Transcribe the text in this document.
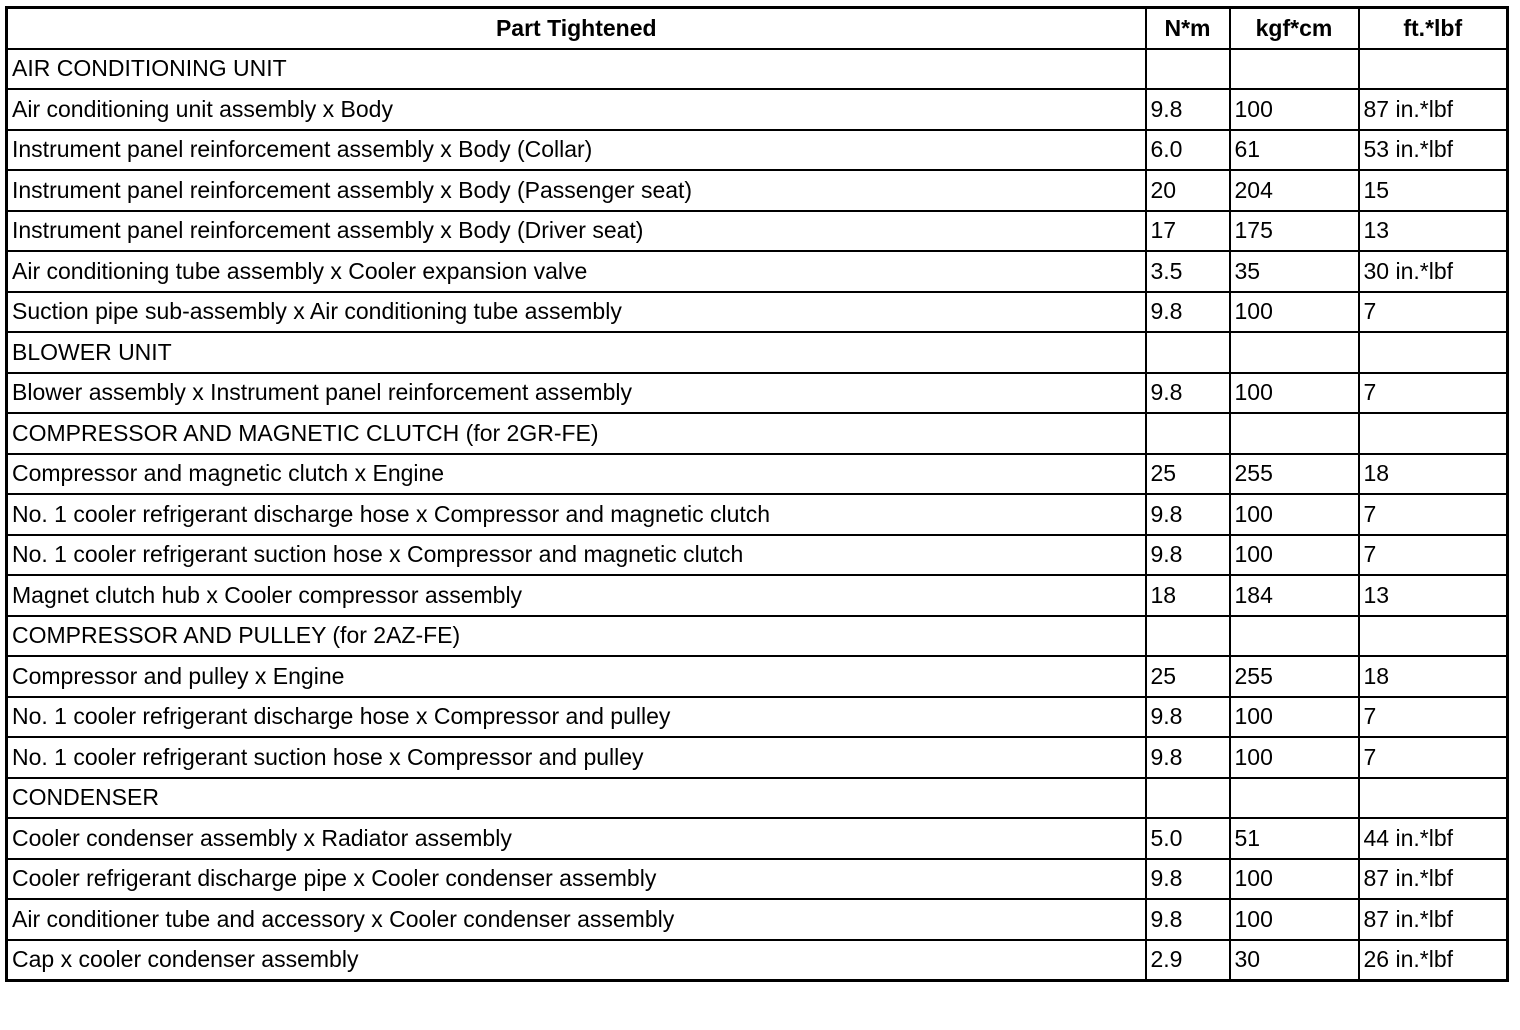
Part Tightened	N*m	kgf*cm	ft.*lbf
AIR CONDITIONING UNIT			
Air conditioning unit assembly x Body	9.8	100	87 in.*lbf
Instrument panel reinforcement assembly x Body (Collar)	6.0	61	53 in.*lbf
Instrument panel reinforcement assembly x Body (Passenger seat)	20	204	15
Instrument panel reinforcement assembly x Body (Driver seat)	17	175	13
Air conditioning tube assembly x Cooler expansion valve	3.5	35	30 in.*lbf
Suction pipe sub-assembly x Air conditioning tube assembly	9.8	100	7
BLOWER UNIT			
Blower assembly x Instrument panel reinforcement assembly	9.8	100	7
COMPRESSOR AND MAGNETIC CLUTCH (for 2GR-FE)			
Compressor and magnetic clutch x Engine	25	255	18
No. 1 cooler refrigerant discharge hose x Compressor and magnetic clutch	9.8	100	7
No. 1 cooler refrigerant suction hose x Compressor and magnetic clutch	9.8	100	7
Magnet clutch hub x Cooler compressor assembly	18	184	13
COMPRESSOR AND PULLEY (for 2AZ-FE)			
Compressor and pulley x Engine	25	255	18
No. 1 cooler refrigerant discharge hose x Compressor and pulley	9.8	100	7
No. 1 cooler refrigerant suction hose x Compressor and pulley	9.8	100	7
CONDENSER			
Cooler condenser assembly x Radiator assembly	5.0	51	44 in.*lbf
Cooler refrigerant discharge pipe x Cooler condenser assembly	9.8	100	87 in.*lbf
Air conditioner tube and accessory x Cooler condenser assembly	9.8	100	87 in.*lbf
Cap x cooler condenser assembly	2.9	30	26 in.*lbf
